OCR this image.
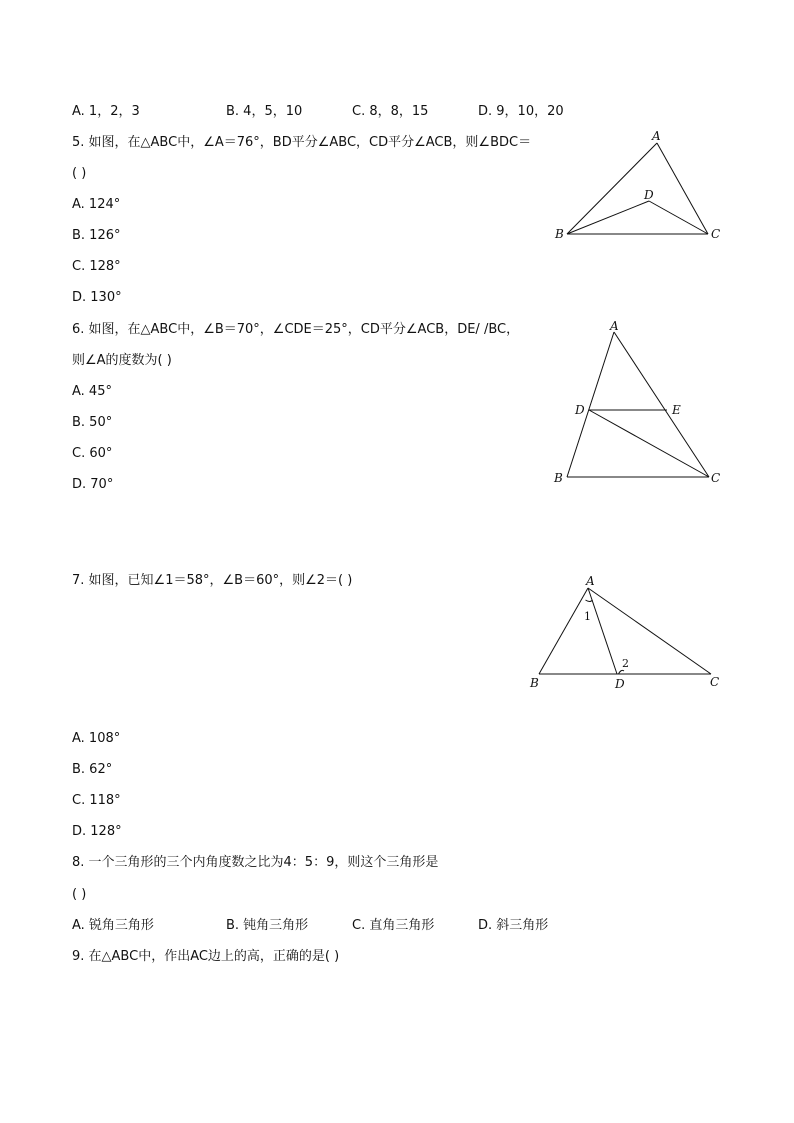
A. 1，2，3	B. 4，5，10	C. 8，8，15	D. 9，10，20
5. 如图，在△ABC中，∠A＝76°，BD平分∠ABC，CD平分∠ACB，则∠BDC＝
( )
A. 124°
B. 126°
C. 128°
D. 130°
A
D
B	C
6. 如图，在△ABC中，∠B＝70°，∠CDE＝25°，CD平分∠ACB，DE/ /BC，
则∠A的度数为( )
A. 45°
B. 50°
C. 60°
D. 70°
A
D	E
B	C
7. 如图，已知∠1＝58°，∠B＝60°，则∠2＝( )
A. 108°
B. 62°
C. 118°
D. 128°
A
1
2
B	D	C
8. 一个三角形的三个内角度数之比为4：5：9，则这个三角形是
( )
A. 锐角三角形	B. 钝角三角形	C. 直角三角形	D. 斜三角形
9. 在△ABC中，作出AC边上的高，正确的是( )
